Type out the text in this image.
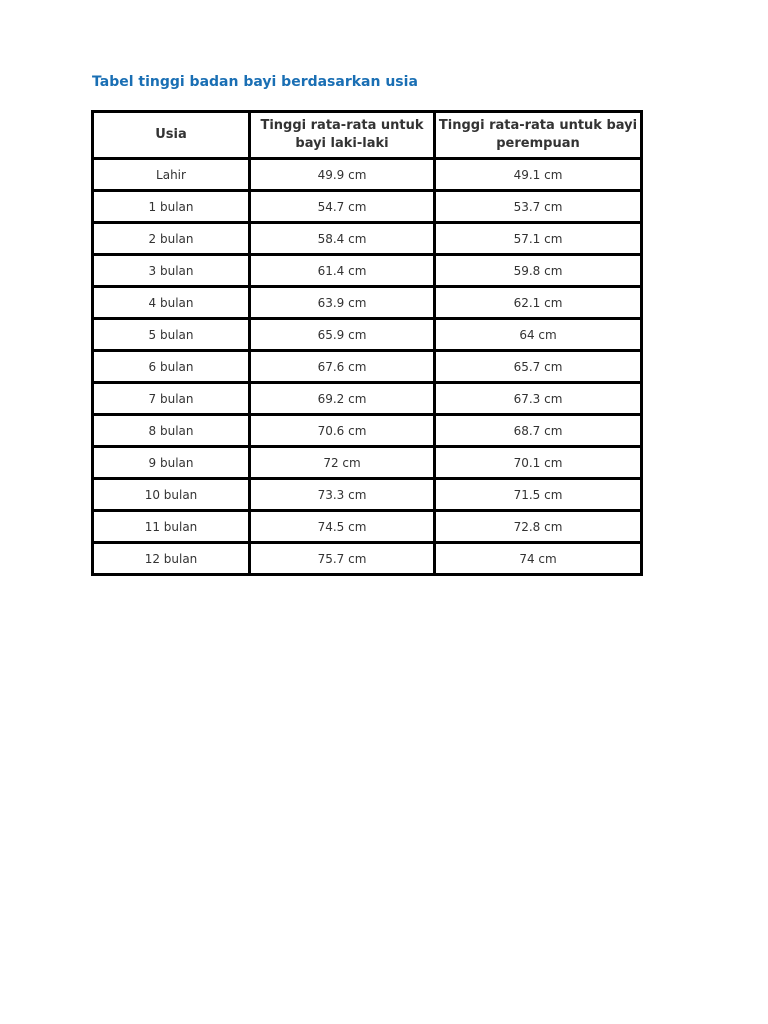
Tabel tinggi badan bayi berdasarkan usia
Usia	Tinggi rata-rata untuk bayi laki-laki	Tinggi rata-rata untuk bayi perempuan
Lahir	49.9 cm	49.1 cm
1 bulan	54.7 cm	53.7 cm
2 bulan	58.4 cm	57.1 cm
3 bulan	61.4 cm	59.8 cm
4 bulan	63.9 cm	62.1 cm
5 bulan	65.9 cm	64 cm
6 bulan	67.6 cm	65.7 cm
7 bulan	69.2 cm	67.3 cm
8 bulan	70.6 cm	68.7 cm
9 bulan	72 cm	70.1 cm
10 bulan	73.3 cm	71.5 cm
11 bulan	74.5 cm	72.8 cm
12 bulan	75.7 cm	74 cm
